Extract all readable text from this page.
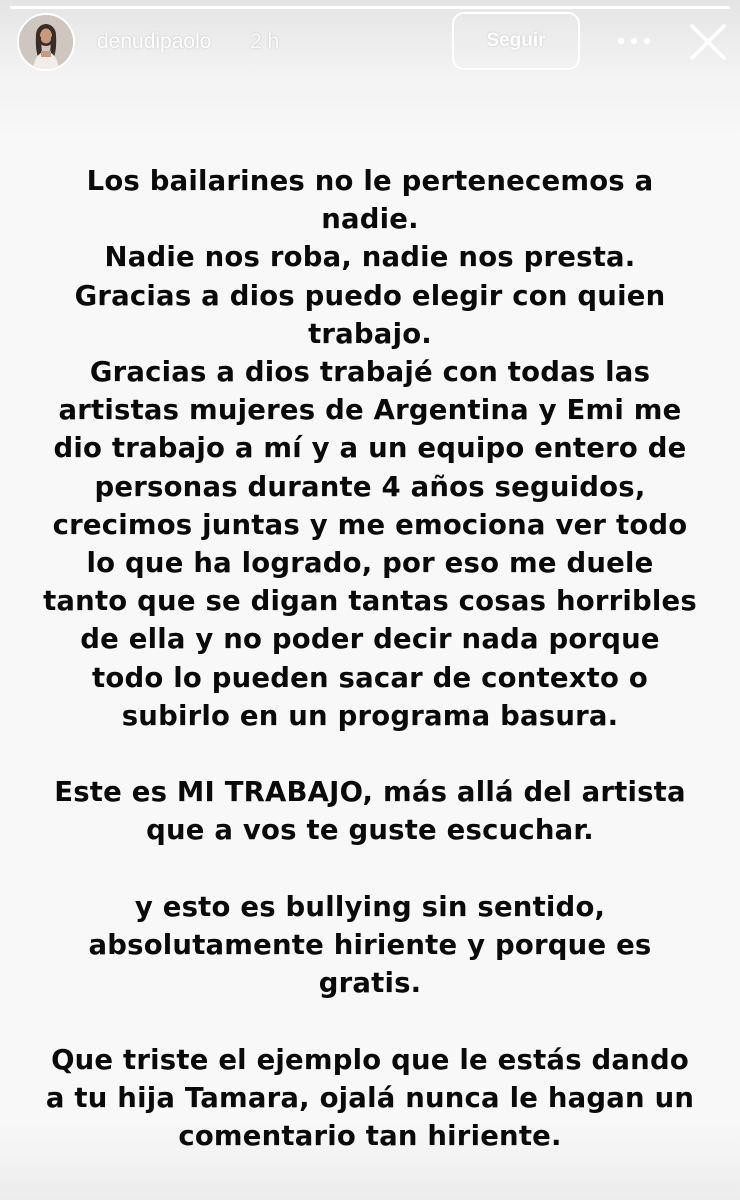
denudipaolo 2 h	Seguir
Los bailarines no le pertenecemos a nadie.
Nadie nos roba, nadie nos presta.
Gracias a dios puedo elegir con quien trabajo.
Gracias a dios trabajé con todas las artistas mujeres de Argentina y Emi me dio trabajo a mí y a un equipo entero de personas durante 4 años seguidos, crecimos juntas y me emociona ver todo lo que ha logrado, por eso me duele tanto que se digan tantas cosas horribles de ella y no poder decir nada porque todo lo pueden sacar de contexto o subirlo en un programa basura.
Este es MI TRABAJO, más allá del artista que a vos te guste escuchar.
y esto es bullying sin sentido, absolutamente hiriente y porque es gratis.
Que triste el ejemplo que le estás dando a tu hija Tamara, ojalá nunca le hagan un comentario tan hiriente.
